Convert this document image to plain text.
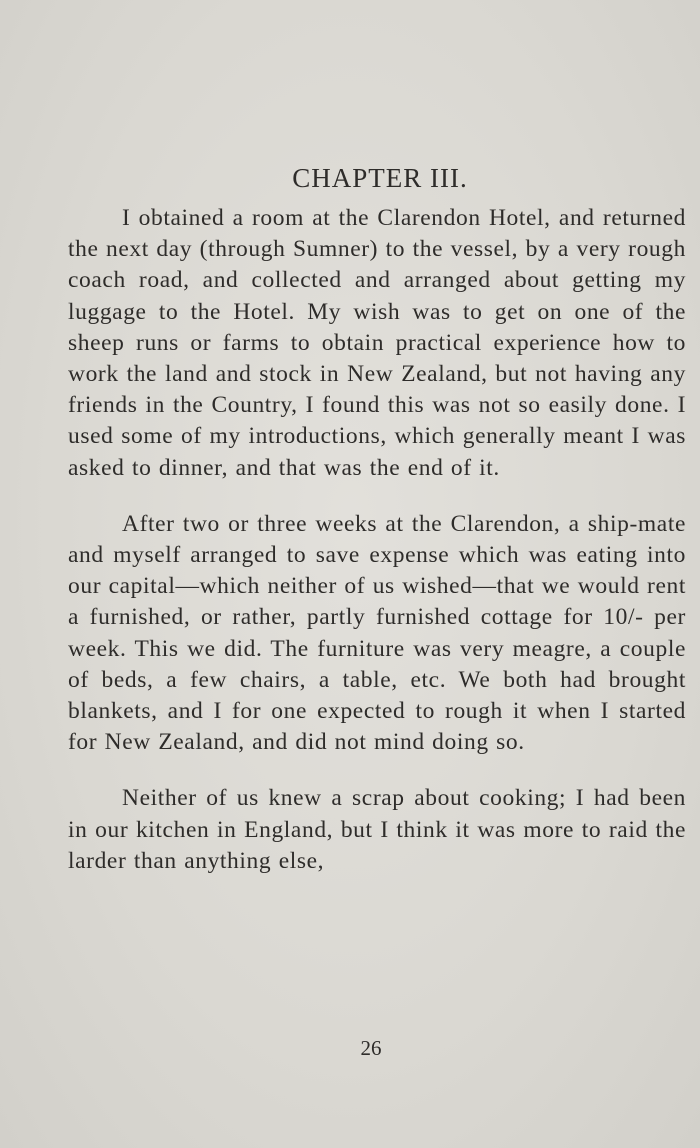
CHAPTER III.

I obtained a room at the Clarendon Hotel, and returned the next day (through Sumner) to the vessel, by a very rough coach road, and collected and arranged about getting my luggage to the Hotel. My wish was to get on one of the sheep runs or farms to obtain practical experience how to work the land and stock in New Zealand, but not having any friends in the Country, I found this was not so easily done. I used some of my introductions, which generally meant I was asked to dinner, and that was the end of it.

After two or three weeks at the Clarendon, a ship-mate and myself arranged to save expense which was eating into our capital—which neither of us wished—that we would rent a furnished, or rather, partly furnished cottage for 10/- per week. This we did. The furniture was very meagre, a couple of beds, a few chairs, a table, etc. We both had brought blankets, and I for one expected to rough it when I started for New Zealand, and did not mind doing so.

Neither of us knew a scrap about cooking; I had been in our kitchen in England, but I think it was more to raid the larder than anything else,

26
